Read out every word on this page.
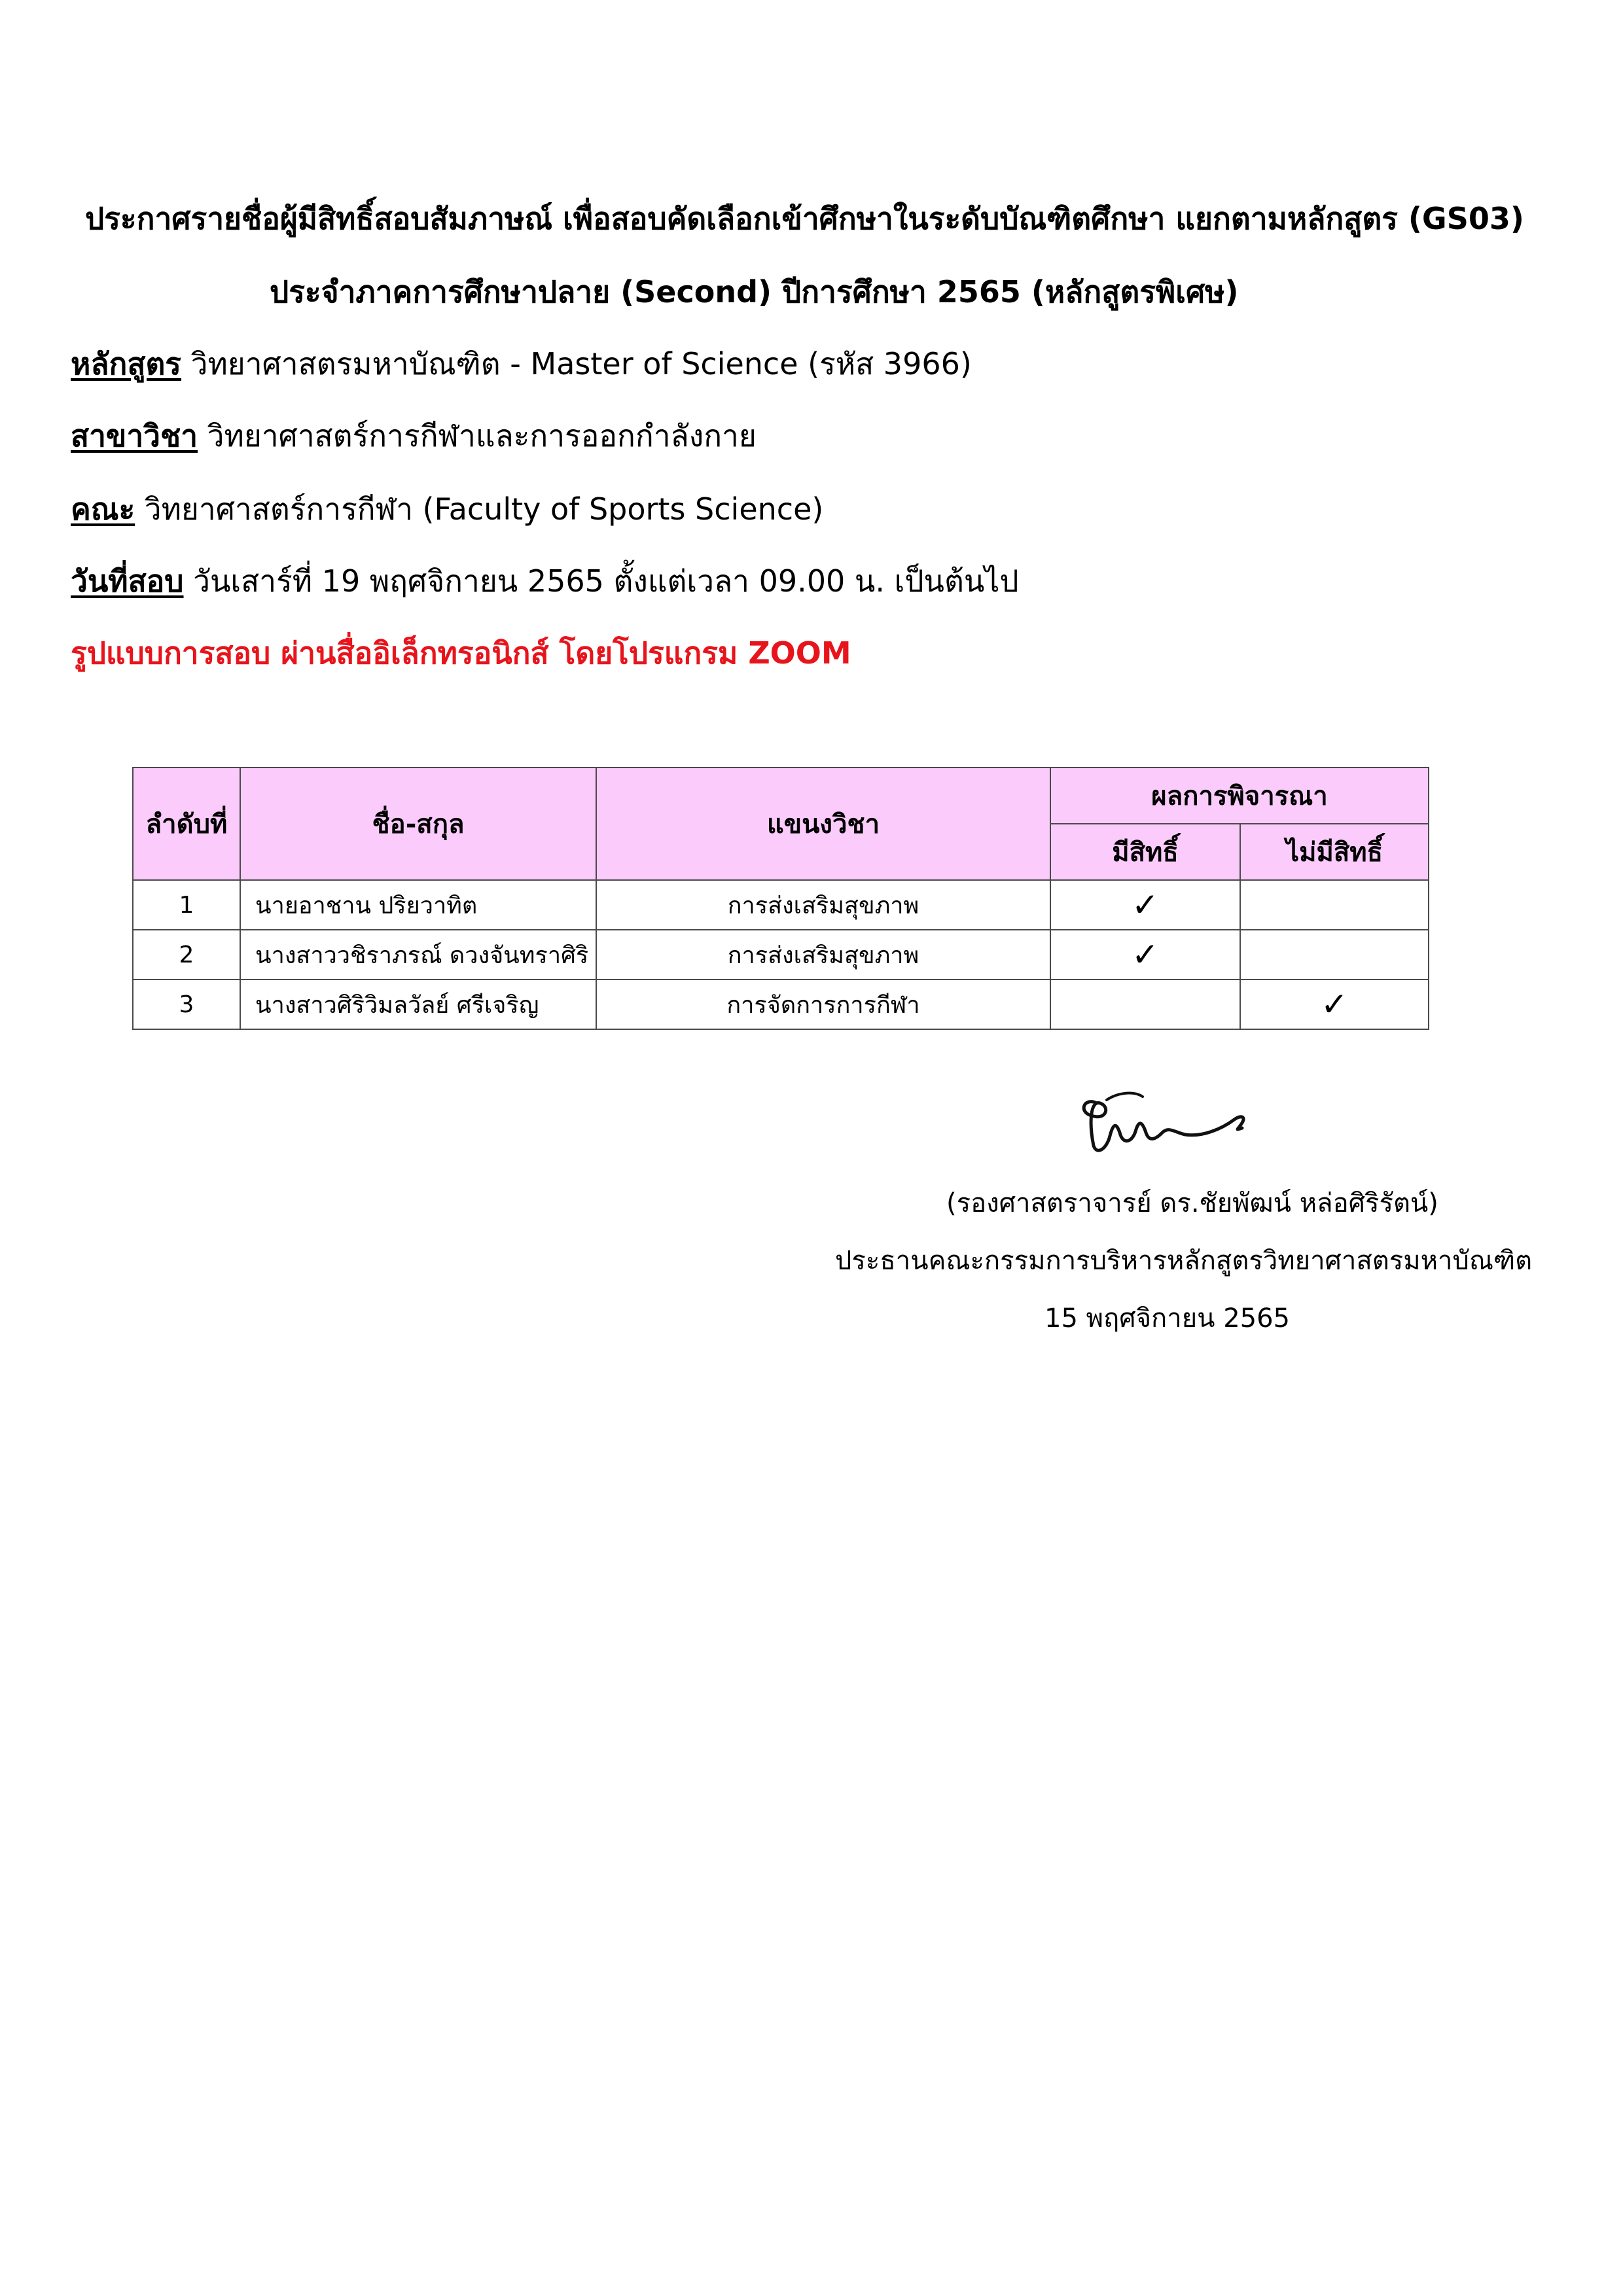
ประกาศรายชื่อผู้มีสิทธิ์สอบสัมภาษณ์ เพื่อสอบคัดเลือกเข้าศึกษาในระดับบัณฑิตศึกษา แยกตามหลักสูตร (GS03)
ประจำภาคการศึกษาปลาย (Second) ปีการศึกษา 2565 (หลักสูตรพิเศษ)
หลักสูตร วิทยาศาสตรมหาบัณฑิต - Master of Science (รหัส 3966)
สาขาวิชา วิทยาศาสตร์การกีฬาและการออกกำลังกาย
คณะ วิทยาศาสตร์การกีฬา (Faculty of Sports Science)
วันที่สอบ วันเสาร์ที่ 19 พฤศจิกายน 2565 ตั้งแต่เวลา 09.00 น. เป็นต้นไป
รูปแบบการสอบ ผ่านสื่ออิเล็กทรอนิกส์ โดยโปรแกรม ZOOM
ลำดับที่	ชื่อ-สกุล	แขนงวิชา	ผลการพิจารณา	
			มีสิทธิ์	ไม่มีสิทธิ์
1	นายอาชาน ปริยวาทิต	การส่งเสริมสุขภาพ	✓	
2	นางสาววชิราภรณ์ ดวงจันทราศิริ	การส่งเสริมสุขภาพ	✓	
3	นางสาวศิริวิมลวัลย์ ศรีเจริญ	การจัดการการกีฬา		✓
(รองศาสตราจารย์ ดร.ชัยพัฒน์ หล่อศิริรัตน์)
ประธานคณะกรรมการบริหารหลักสูตรวิทยาศาสตรมหาบัณฑิต
15 พฤศจิกายน 2565
